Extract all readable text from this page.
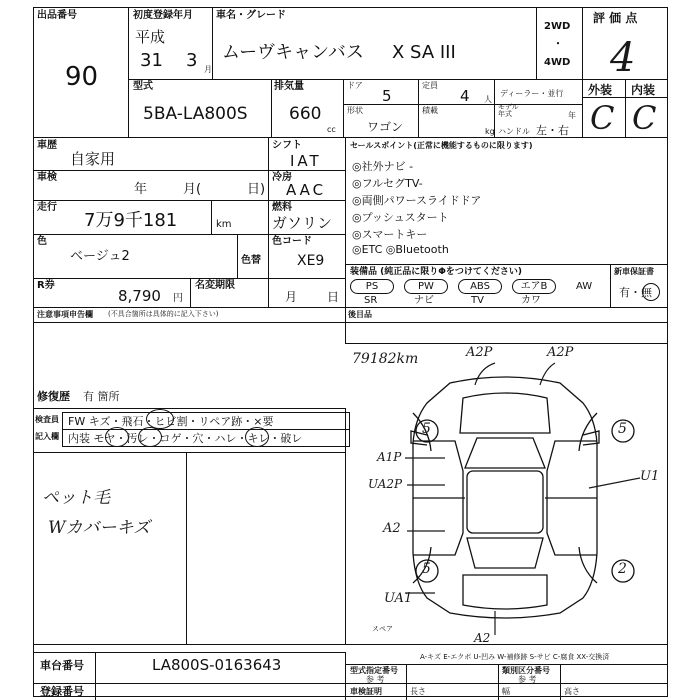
出品番号
90
初度登録年月
平成
31 3 月
車名・グレード
ムーヴキャンバス X SA III
2WD
・
4WD
評 価 点
4
外装 内装
C C
型式
5BA-LA800S
排気量
660
cc
ドア
5
定員
4 人
ディーラー・並行
形状
ワゴン
積載
kg
モデル年式	年
ハンドル 左・右
車歴
自家用
シフト
IAT
車検
年	月(	日)
冷房
AAC
走行
7万9千181	km
燃料
ガソリン
色
ベージュ2	色替
色コード
XE9
R券
8,790 円
名変期限
月 日
セールスポイント(正常に機能するものに限ります)
◎社外ナビ -
◎フルセグTV-
◎両側パワースライドドア
◎プッシュスタート
◎スマートキー
◎ETC ◎Bluetooth
装備品 (純正品に限りΦをつけてください)
PS	PW	ABS	エアB	AW
SR	ナビ	TV	カワ
新車保証書
有・無
注意事項申告欄 (不具合箇所は具体的に記入下さい)
修復歴 有 箇所
後目品
検査員
記入欄
FW キズ・飛石・ヒビ割・リペア跡・×要
内装 モヤ・汚レ・コゲ・穴・ハレ・キレ・破レ
ペット毛
Wカバーキズ
79182km	A2P	A2P
A1P
UA2P
A2
U1
UA1
A2
スペア
5	5
5	2
A-キズ E-エクボ U-凹み W-補修跡 S-サビ C-腐食 XX-交換済
車台番号	LA800S-0163643
登録番号
型式指定番号
参 考
類別区分番号
参 考
車検証明	長さ	幅	高さ
